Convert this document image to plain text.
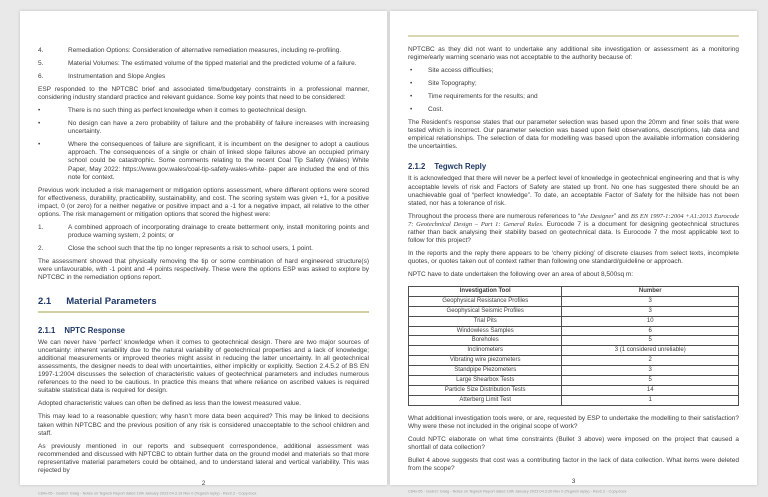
4.	Remediation Options: Consideration of alternative remediation measures, including re-profiling.
5.	Material Volumes: The estimated volume of the tipped material and the predicted volume of a failure.
6.	Instrumentation and Slope Angles

ESP responded to the NPTCBC brief and associated time/budgetary constraints in a professional manner, considering industry standard practice and relevant guidance. Some key points that need to be considered:

•	There is no such thing as perfect knowledge when it comes to geotechnical design.
•	No design can have a zero probability of failure and the probability of failure increases with increasing uncertainty.
•	Where the consequences of failure are significant, it is incumbent on the designer to adopt a cautious approach. The consequences of a single or chain of linked slope failures above an occupied primary school could be catastrophic. Some comments relating to the recent Coal Tip Safety (Wales) White Paper, May 2022: https://www.gov.wales/coal-tip-safety-wales-white- paper are included the end of this note for context.

Previous work included a risk management or mitigation options assessment, where different options were scored for effectiveness, durability, practicability, sustainability, and cost. The scoring system was given +1, for a positive impact, 0 (or zero) for a neither negative or positive impact and a -1 for a negative impact, all relative to the other options. The risk management or mitigation options that scored the highest were:

1.	A combined approach of incorporating drainage to create betterment only, install monitoring points and produce warning system, 2 points; or
2.	Close the school such that the tip no longer represents a risk to school users, 1 point.

The assessment showed that physically removing the tip or some combination of hard engineered structure(s) were unfavourable, with -1 point and -4 points respectively. These were the options ESP was asked to explore by NPTCBC in the remediation options report.

2.1 Material Parameters
2.1.1 NPTC Response

We can never have ‘perfect’ knowledge when it comes to geotechnical design. There are two major sources of uncertainty: inherent variability due to the natural variability of geotechnical properties and a lack of knowledge; additional measurements or improved theories might assist in reducing the latter uncertainty. In all geotechnical assessments, the designer needs to deal with uncertainties, either implicitly or explicitly. Section 2.4.5.2 of BS EN 1997-1:2004 discusses the selection of characteristic values of geotechnical parameters and includes numerous references to the need to be cautious. In practice this means that where reliance on ascribed values is required suitable statistical data is required for design.

Adopted characteristic values can often be defined as less than the lowest measured value.

This may lead to a reasonable question; why hasn’t more data been acquired? This may be linked to decisions taken within NPTCBC and the previous position of any risk is considered unacceptable to the school children and staff.

As previously mentioned in our reports and subsequent correspondence, additional assessment was recommended and discussed with NPTCBC to obtain further data on the ground model and materials so that more representative material parameters could be obtained, and to understand lateral and vertical variability. This was rejected by

2
C84x-05 - Godre'r Graig - Notes on Tegwch Report dated 19th January 2023 04.3.19 Rev 0 (Tegwch reply) - Rev2.2 - Copy.docx

NPTCBC as they did not want to undertake any additional site investigation or assessment as a monitoring regime/early warning scenario was not acceptable to the authority because of:

•	Site access difficulties;
•	Site Topography;
•	Time requirements for the results; and
•	Cost.

The Resident’s response states that our parameter selection was based upon the 20mm and finer soils that were tested which is incorrect. Our parameter selection was based upon field observations, descriptions, lab data and empirical relationships. The selection of data for modelling was based upon the available information considering the uncertainties.

2.1.2 Tegwch Reply

It is acknowledged that there will never be a perfect level of knowledge in geotechnical engineering and that is why acceptable levels of risk and Factors of Safety are stated up front. No one has suggested there should be an unachievable goal of “perfect knowledge”. To date, an acceptable Factor of Safety for the hillside has not been stated, nor has a tolerance of risk.

Throughout the process there are numerous references to “the Designer” and BS EN 1997-1:2004 +A1:2013 Eurocode 7: Geotechnical Design – Part 1: General Rules. Eurocode 7 is a document for designing geotechnical structures rather than back analysing their stability based on geotechnical data. Is Eurocode 7 the most applicable text to follow for this project?

In the reports and the reply there appears to be ‘cherry picking’ of discrete clauses from select texts, incomplete quotes, or quotes taken out of context rather than following one standard/guideline or approach.

NPTC have to date undertaken the following over an area of about 8,500sq m:

Investigation Tool	Number
Geophysical Resistance Profiles	3
Geophysical Seismic Profiles	3
Trial Pits	10
Windowless Samples	6
Boreholes	5
Inclinometers	3 (1 considered unreliable)
Vibrating wire piezometers	2
Standpipe Piezometers	3
Large Shearbox Tests	5
Particle Size Distribution Tests	14
Atterberg Limit Test	1

What additional investigation tools were, or are, requested by ESP to undertake the modelling to their satisfaction? Why were these not included in the original scope of work?

Could NPTC elaborate on what time constraints (Bullet 3 above) were imposed on the project that caused a shortfall of data collection?

Bullet 4 above suggests that cost was a contributing factor in the lack of data collection. What items were deleted from the scope?

3
C84x-05 - Godre'r Graig - Notes on Tegwch Report dated 19th January 2023 04.3.20 Rev 0 (Tegwch reply) - Rev2.2 - Copy.docx
